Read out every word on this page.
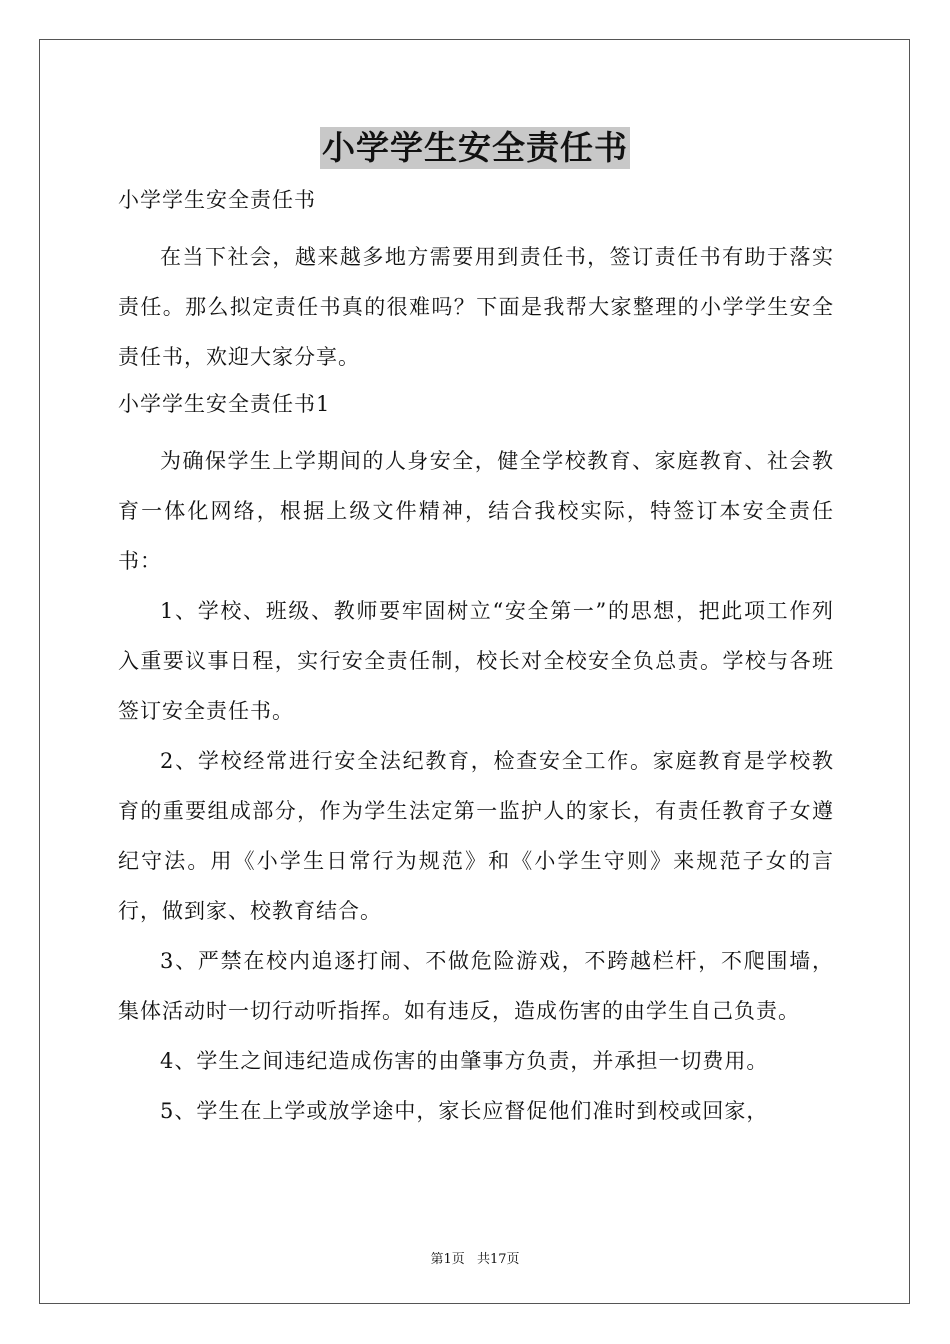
小学学生安全责任书
小学学生安全责任书

在当下社会，越来越多地方需要用到责任书，签订责任书有助于落实责任。那么拟定责任书真的很难吗？下面是我帮大家整理的小学学生安全责任书，欢迎大家分享。

小学学生安全责任书1

为确保学生上学期间的人身安全，健全学校教育、家庭教育、社会教育一体化网络，根据上级文件精神，结合我校实际，特签订本安全责任书：

1、学校、班级、教师要牢固树立“安全第一”的思想，把此项工作列入重要议事日程，实行安全责任制，校长对全校安全负总责。学校与各班签订安全责任书。

2、学校经常进行安全法纪教育，检查安全工作。家庭教育是学校教育的重要组成部分，作为学生法定第一监护人的家长，有责任教育子女遵纪守法。用《小学生日常行为规范》和《小学生守则》来规范子女的言行，做到家、校教育结合。

3、严禁在校内追逐打闹、不做危险游戏，不跨越栏杆，不爬围墙，集体活动时一切行动听指挥。如有违反，造成伤害的由学生自己负责。

4、学生之间违纪造成伤害的由肇事方负责，并承担一切费用。

5、学生在上学或放学途中，家长应督促他们准时到校或回家，

第1页 共17页
